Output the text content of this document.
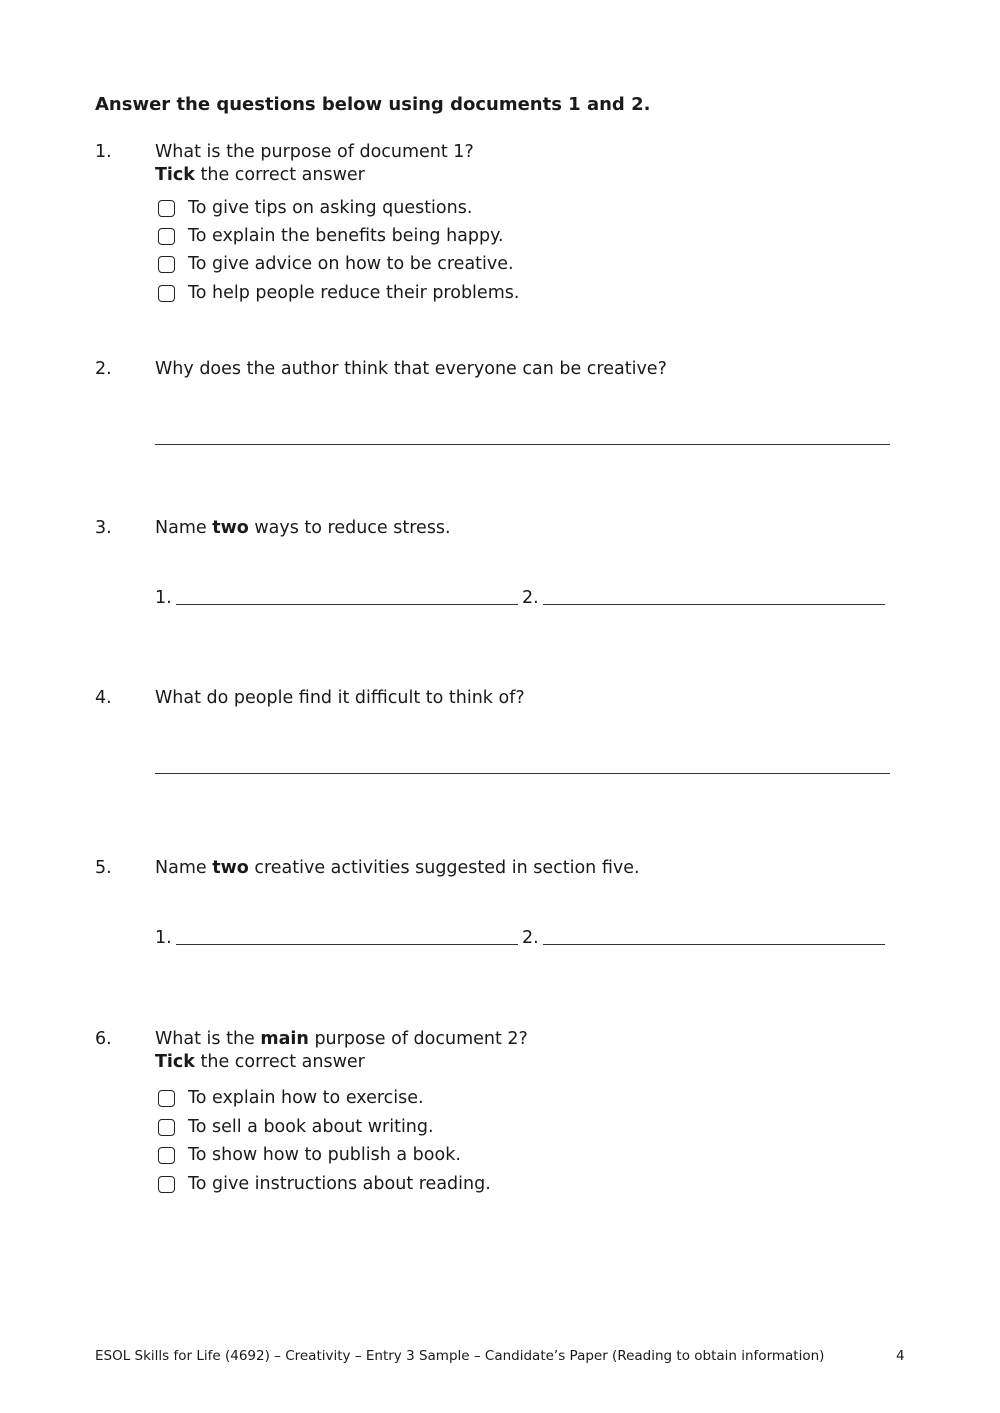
Answer the questions below using documents 1 and 2.
1. What is the purpose of document 1?
Tick the correct answer
To give tips on asking questions.
To explain the benefits being happy.
To give advice on how to be creative.
To help people reduce their problems.
2. Why does the author think that everyone can be creative?
3. Name two ways to reduce stress.
1.	2.
4. What do people find it difficult to think of?
5. Name two creative activities suggested in section five.
1.	2.
6. What is the main purpose of document 2?
Tick the correct answer
To explain how to exercise.
To sell a book about writing.
To show how to publish a book.
To give instructions about reading.
ESOL Skills for Life (4692) – Creativity – Entry 3 Sample – Candidate’s Paper (Reading to obtain information)	4
